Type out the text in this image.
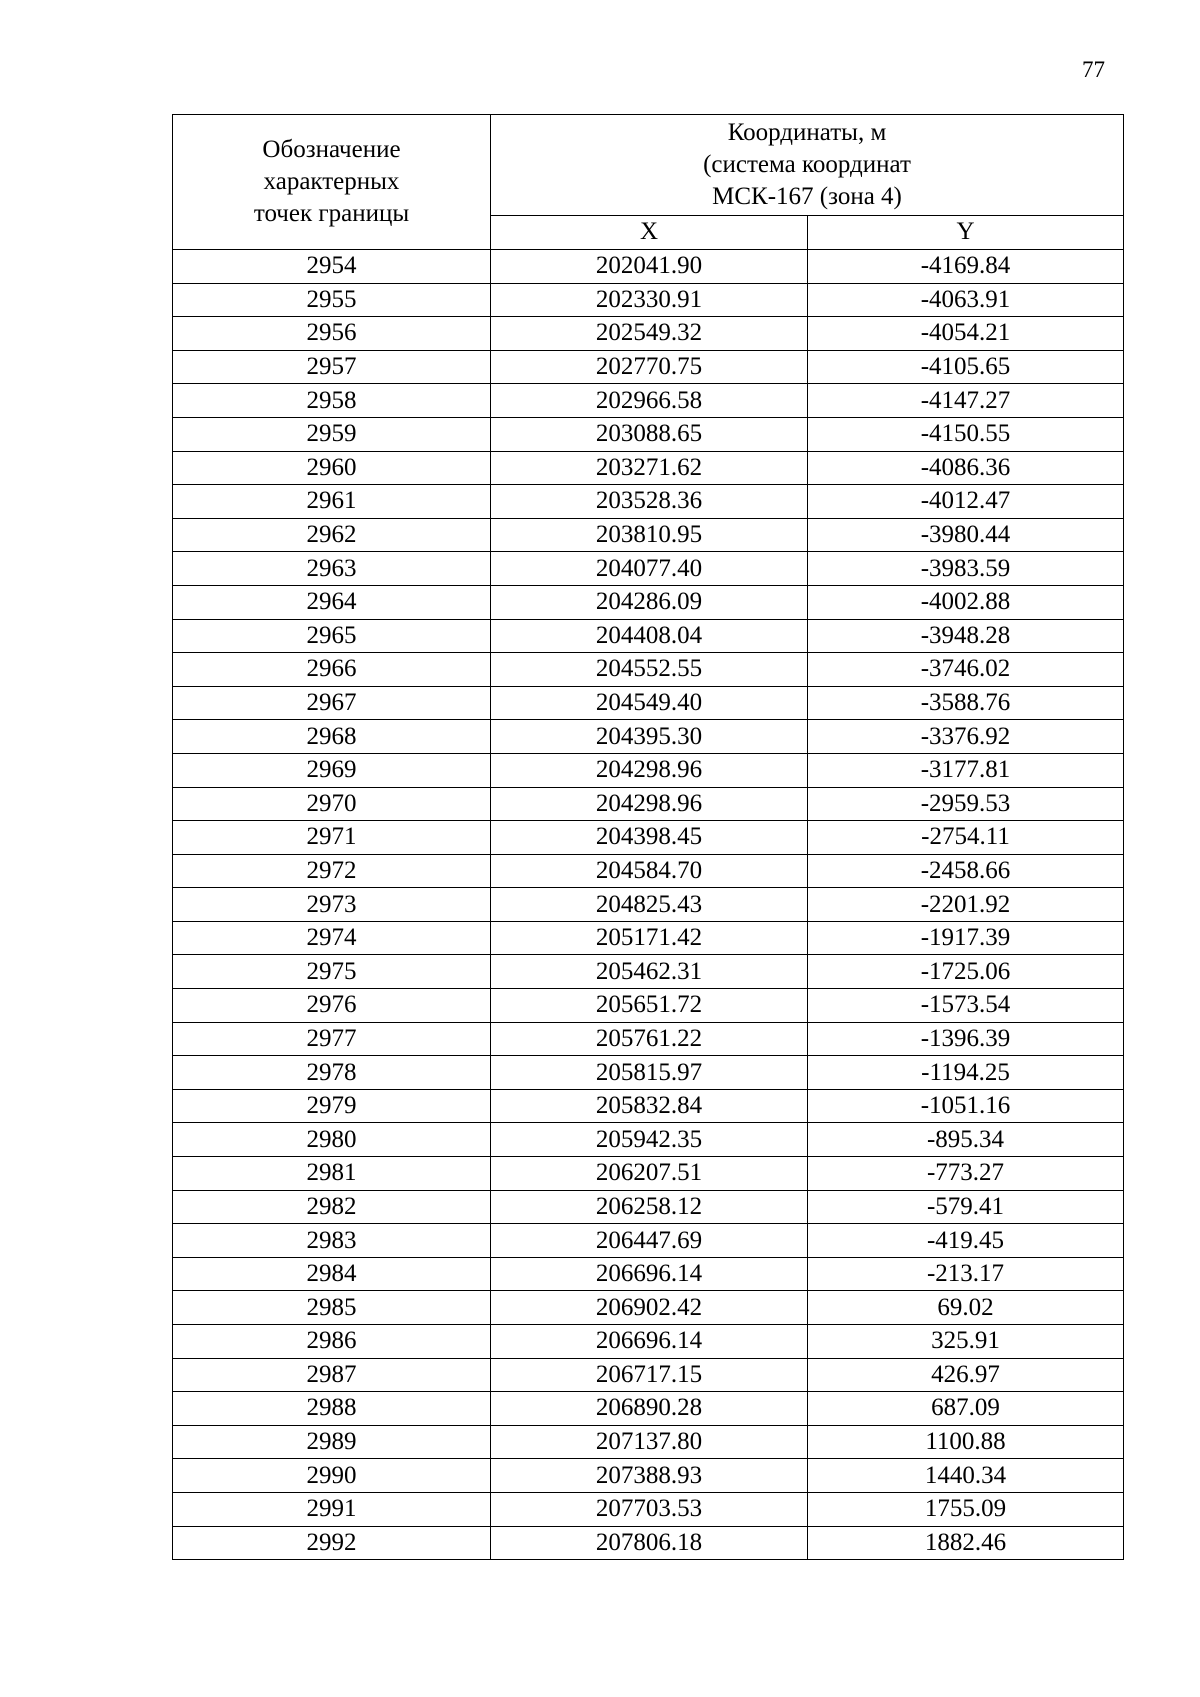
77
Обозначение
характерных
точек границы	Координаты, м
(система координат
МСК-167 (зона 4)	

	X	Y
2954	202041.90	-4169.84
2955	202330.91	-4063.91
2956	202549.32	-4054.21
2957	202770.75	-4105.65
2958	202966.58	-4147.27
2959	203088.65	-4150.55
2960	203271.62	-4086.36
2961	203528.36	-4012.47
2962	203810.95	-3980.44
2963	204077.40	-3983.59
2964	204286.09	-4002.88
2965	204408.04	-3948.28
2966	204552.55	-3746.02
2967	204549.40	-3588.76
2968	204395.30	-3376.92
2969	204298.96	-3177.81
2970	204298.96	-2959.53
2971	204398.45	-2754.11
2972	204584.70	-2458.66
2973	204825.43	-2201.92
2974	205171.42	-1917.39
2975	205462.31	-1725.06
2976	205651.72	-1573.54
2977	205761.22	-1396.39
2978	205815.97	-1194.25
2979	205832.84	-1051.16
2980	205942.35	-895.34
2981	206207.51	-773.27
2982	206258.12	-579.41
2983	206447.69	-419.45
2984	206696.14	-213.17
2985	206902.42	69.02
2986	206696.14	325.91
2987	206717.15	426.97
2988	206890.28	687.09
2989	207137.80	1100.88
2990	207388.93	1440.34
2991	207703.53	1755.09
2992	207806.18	1882.46
